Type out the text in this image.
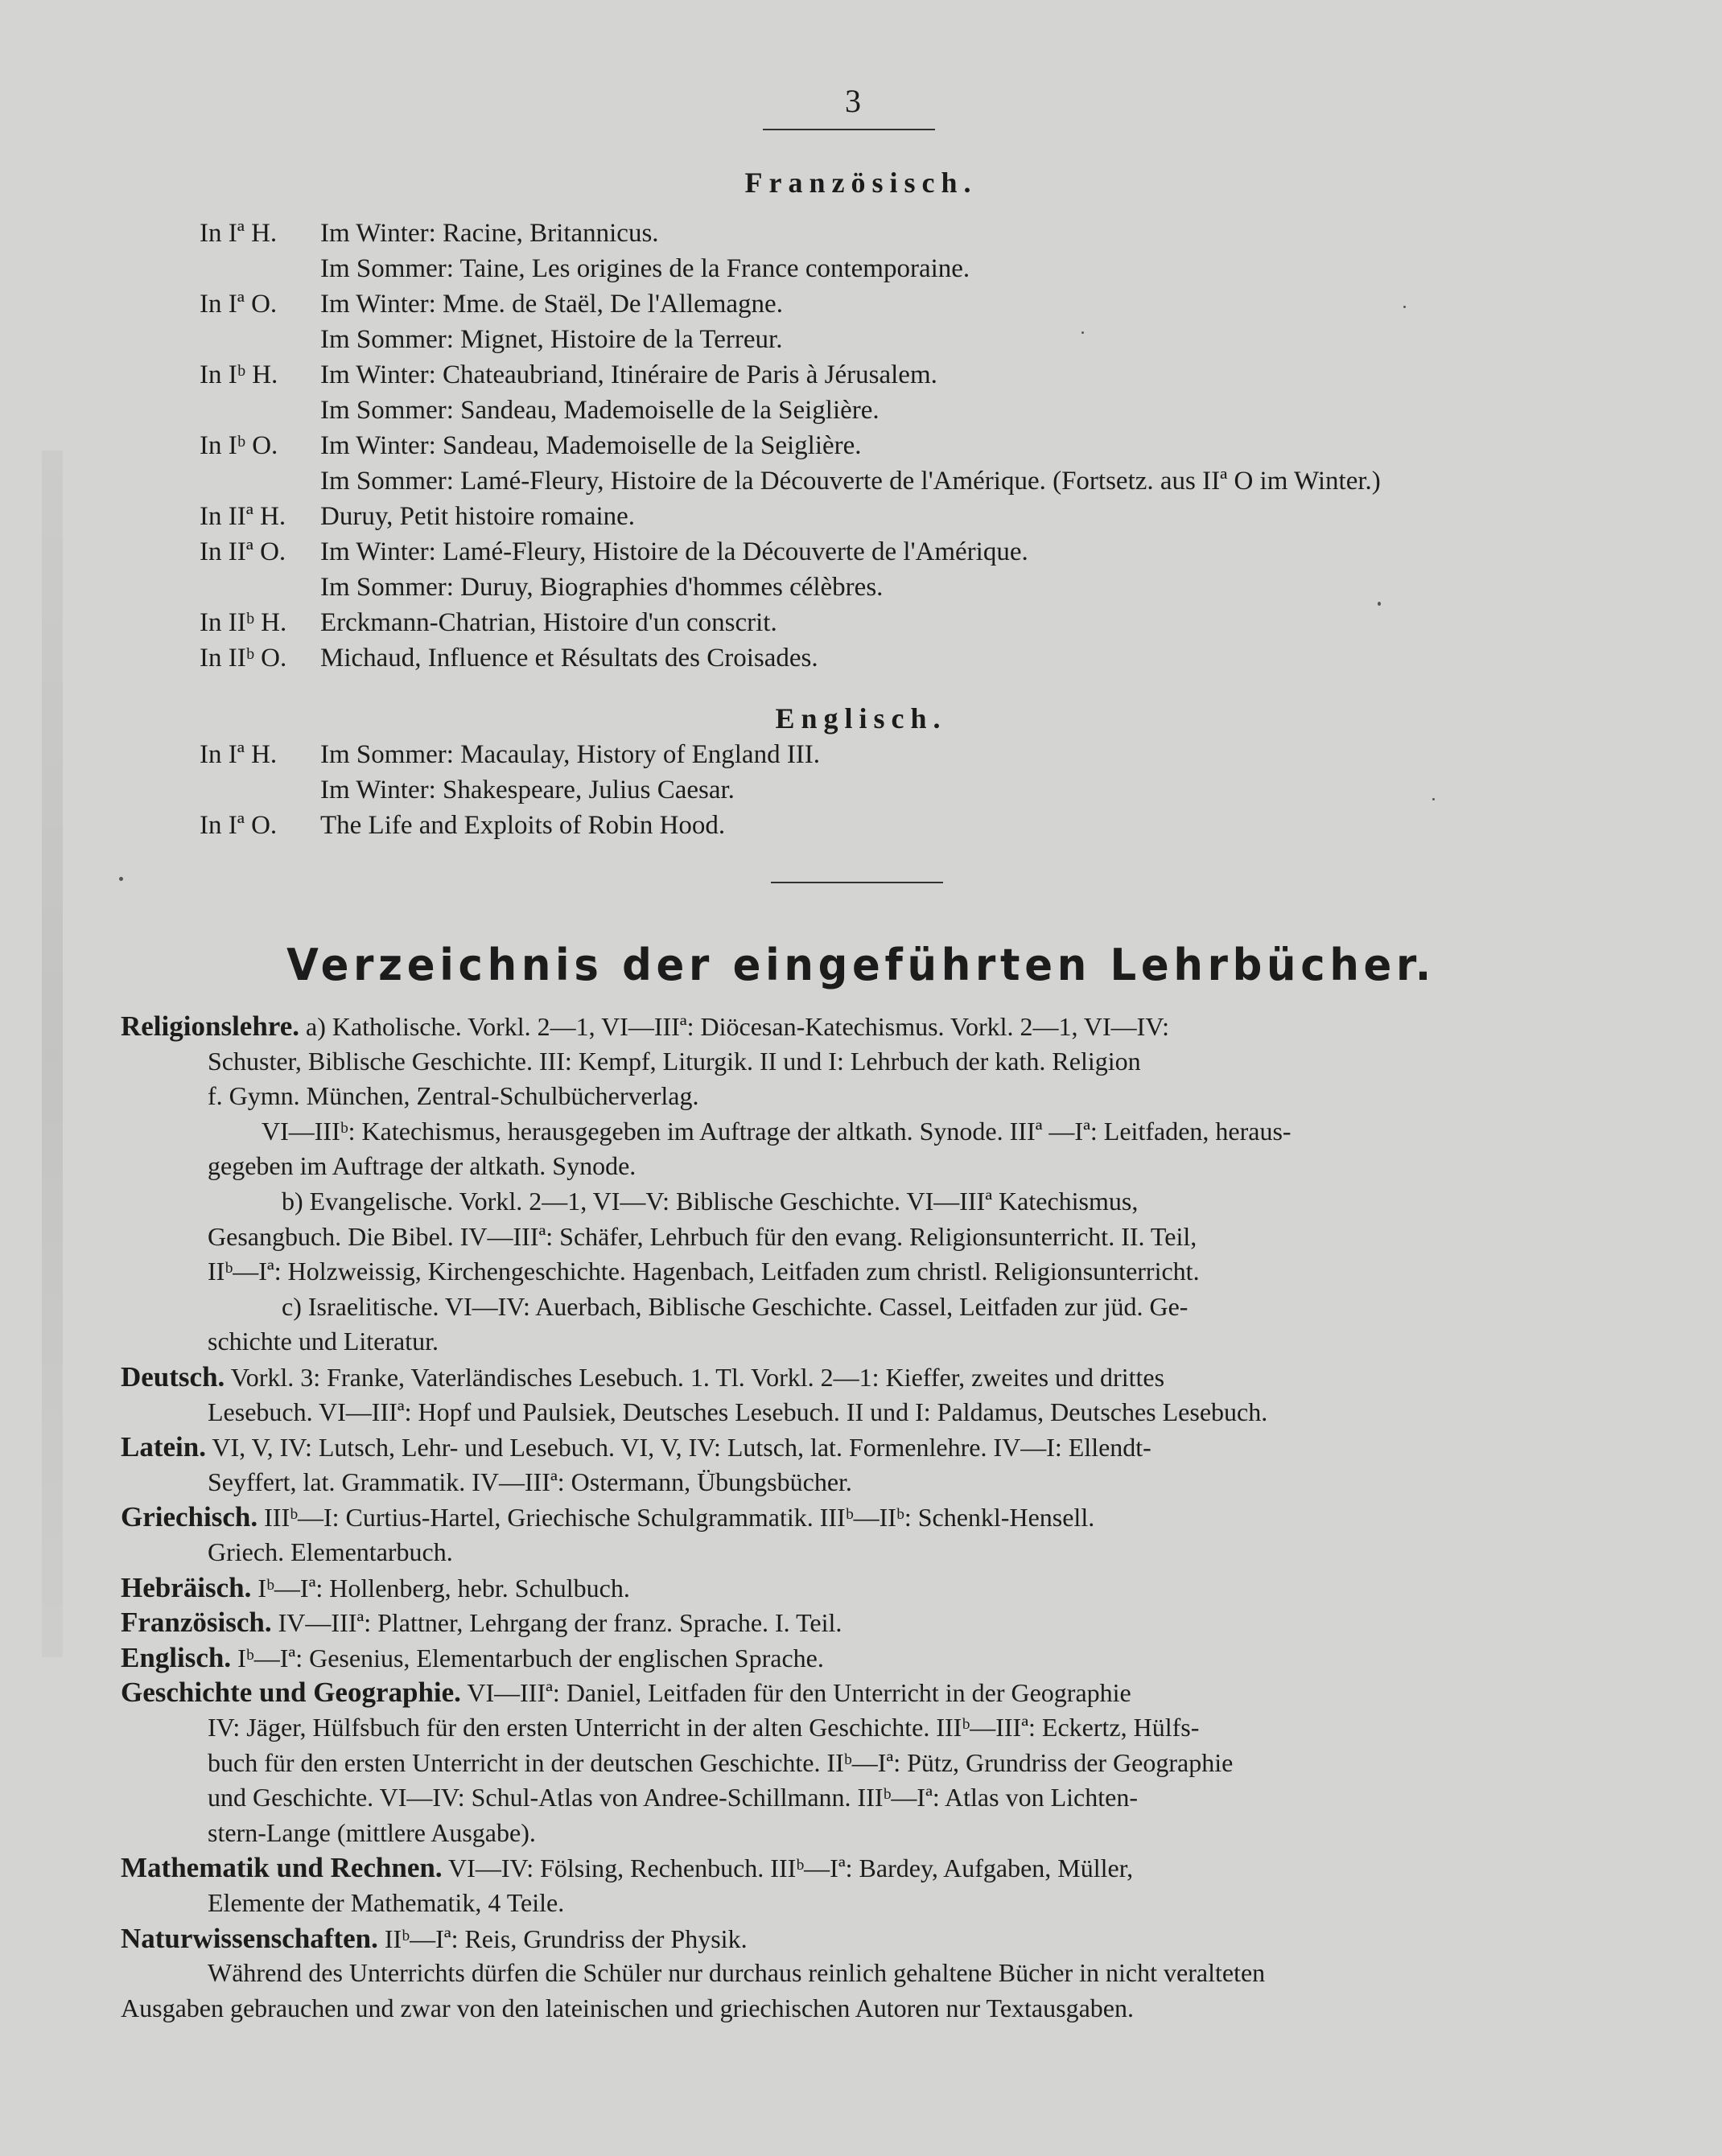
3
Französisch.
In Iª H. Im Winter: Racine, Britannicus.
Im Sommer: Taine, Les origines de la France contemporaine.
In Iª O. Im Winter: Mme. de Staël, De l'Allemagne.
Im Sommer: Mignet, Histoire de la Terreur.
In Iᵇ H. Im Winter: Chateaubriand, Itinéraire de Paris à Jérusalem.
Im Sommer: Sandeau, Mademoiselle de la Seiglière.
In Iᵇ O. Im Winter: Sandeau, Mademoiselle de la Seiglière.
Im Sommer: Lamé-Fleury, Histoire de la Découverte de l'Amérique. (Fortsetz. aus IIª O im Winter.)
In IIª H. Duruy, Petit histoire romaine.
In IIª O. Im Winter: Lamé-Fleury, Histoire de la Découverte de l'Amérique.
Im Sommer: Duruy, Biographies d'hommes célèbres.
In IIᵇ H. Erckmann-Chatrian, Histoire d'un conscrit.
In IIᵇ O. Michaud, Influence et Résultats des Croisades.
Englisch.
In Iª H. Im Sommer: Macaulay, History of England III.
Im Winter: Shakespeare, Julius Caesar.
In Iª O. The Life and Exploits of Robin Hood.
Verzeichnis der eingeführten Lehrbücher.
Religionslehre. a) Katholische. Vorkl. 2—1, VI—IIIª: Diöcesan-Katechismus. Vorkl. 2—1, VI—IV:
Schuster, Biblische Geschichte. III: Kempf, Liturgik. II und I: Lehrbuch der kath. Religion
f. Gymn. München, Zentral-Schulbücherverlag.
VI—IIIᵇ: Katechismus, herausgegeben im Auftrage der altkath. Synode. IIIª —Iª: Leitfaden, heraus-
gegeben im Auftrage der altkath. Synode.
b) Evangelische. Vorkl. 2—1, VI—V: Biblische Geschichte. VI—IIIª Katechismus,
Gesangbuch. Die Bibel. IV—IIIª: Schäfer, Lehrbuch für den evang. Religionsunterricht. II. Teil,
IIᵇ—Iª: Holzweissig, Kirchengeschichte. Hagenbach, Leitfaden zum christl. Religionsunterricht.
c) Israelitische. VI—IV: Auerbach, Biblische Geschichte. Cassel, Leitfaden zur jüd. Ge-
schichte und Literatur.
Deutsch. Vorkl. 3: Franke, Vaterländisches Lesebuch. 1. Tl. Vorkl. 2—1: Kieffer, zweites und drittes
Lesebuch. VI—IIIª: Hopf und Paulsiek, Deutsches Lesebuch. II und I: Paldamus, Deutsches Lesebuch.
Latein. VI, V, IV: Lutsch, Lehr- und Lesebuch. VI, V, IV: Lutsch, lat. Formenlehre. IV—I: Ellendt-
Seyffert, lat. Grammatik. IV—IIIª: Ostermann, Übungsbücher.
Griechisch. IIIᵇ—I: Curtius-Hartel, Griechische Schulgrammatik. IIIᵇ—IIᵇ: Schenkl-Hensell.
Griech. Elementarbuch.
Hebräisch. Iᵇ—Iª: Hollenberg, hebr. Schulbuch.
Französisch. IV—IIIª: Plattner, Lehrgang der franz. Sprache. I. Teil.
Englisch. Iᵇ—Iª: Gesenius, Elementarbuch der englischen Sprache.
Geschichte und Geographie. VI—IIIª: Daniel, Leitfaden für den Unterricht in der Geographie
IV: Jäger, Hülfsbuch für den ersten Unterricht in der alten Geschichte. IIIᵇ—IIIª: Eckertz, Hülfs-
buch für den ersten Unterricht in der deutschen Geschichte. IIᵇ—Iª: Pütz, Grundriss der Geographie
und Geschichte. VI—IV: Schul-Atlas von Andree-Schillmann. IIIᵇ—Iª: Atlas von Lichten-
stern-Lange (mittlere Ausgabe).
Mathematik und Rechnen. VI—IV: Fölsing, Rechenbuch. IIIᵇ—Iª: Bardey, Aufgaben, Müller,
Elemente der Mathematik, 4 Teile.
Naturwissenschaften. IIᵇ—Iª: Reis, Grundriss der Physik.
Während des Unterrichts dürfen die Schüler nur durchaus reinlich gehaltene Bücher in nicht veralteten
Ausgaben gebrauchen und zwar von den lateinischen und griechischen Autoren nur Textausgaben.
